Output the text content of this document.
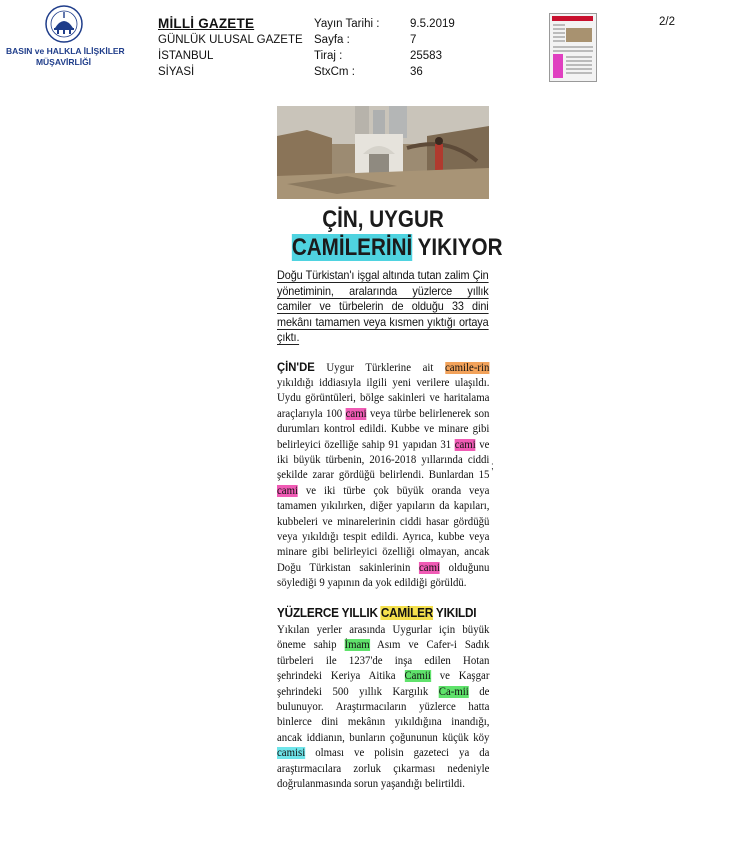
BASIN ve HALKLA İLİŞKİLER
MÜŞAVİRLİĞİ
MİLLİ GAZETE
GÜNLÜK ULUSAL GAZETE
İSTANBUL
SİYASİ
Yayın Tarihi :
Sayfa :
Tiraj :
StxCm :
9.5.2019
7
25583
36
2/2
ÇİN, UYGUR
CAMİLERİNİ YIKIYOR
Doğu Türkistan'ı işgal altında tutan zalim Çin yönetiminin, aralarında yüzlerce yıllık camiler ve türbelerin de olduğu 33 dini mekânı tamamen veya kısmen yıktığı ortaya çıktı.

ÇİN'DE Uygur Türklerine ait camile-rin yıkıldığı iddiasıyla ilgili yeni verilere ulaşıldı. Uydu görüntüleri, bölge sakinleri ve haritalama araçlarıyla 100 cami veya türbe belirlenerek son durumları kontrol edildi. Kubbe ve minare gibi belirleyici özelliğe sahip 91 yapıdan 31 cami ve iki büyük türbenin, 2016-2018 yıllarında ciddi şekilde zarar gördüğü belirlendi. Bunlardan 15 cami ve iki türbe çok büyük oranda veya tamamen yıkılırken, diğer yapıların da kapıları, kubbeleri ve minarelerinin ciddi hasar gördüğü veya yıkıldığı tespit edildi. Ayrıca, kubbe veya minare gibi belirleyici özelliği olmayan, ancak Doğu Türkistan sakinlerinin cami olduğunu söylediği 9 yapının da yok edildiği görüldü.

YÜZLERCE YILLIK CAMİLER YIKILDI

Yıkılan yerler arasında Uygurlar için büyük öneme sahip İmam Asım ve Cafer-i Sadık türbeleri ile 1237'de inşa edilen Hotan şehrindeki Keriya Aitika Camii ve Kaşgar şehrindeki 500 yıllık Kargılık Ca-mii de bulunuyor. Araştırmacıların yüzlerce hatta binlerce dini mekânın yıkıldığına inandığı, ancak iddianın, bunların çoğununun küçük köy camisi olması ve polisin gazeteci ya da araştırmacılara zorluk çıkarması nedeniyle doğrulanmasında sorun yaşandığı belirtildi.

;
